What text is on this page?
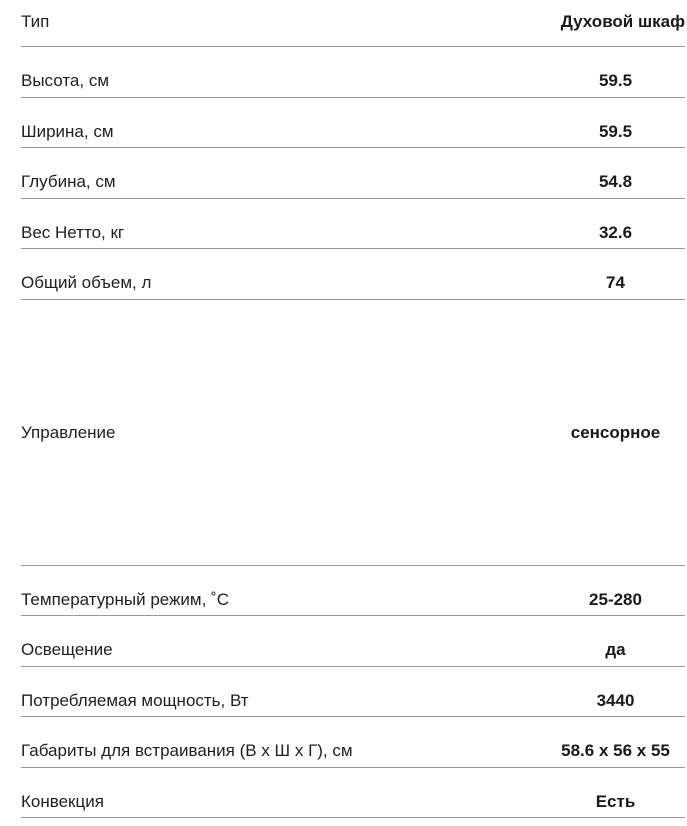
Тип	Духовой шкаф
Высота, см	59.5
Ширина, см	59.5
Глубина, см	54.8
Вес Нетто, кг	32.6
Общий объем, л	74
Управление	сенсорное
Температурный режим, ˚С	25-280
Освещение	да
Потребляемая мощность, Вт	3440
Габариты для встраивания (В х Ш х Г), см	58.6 x 56 x 55
Конвекция	Есть
